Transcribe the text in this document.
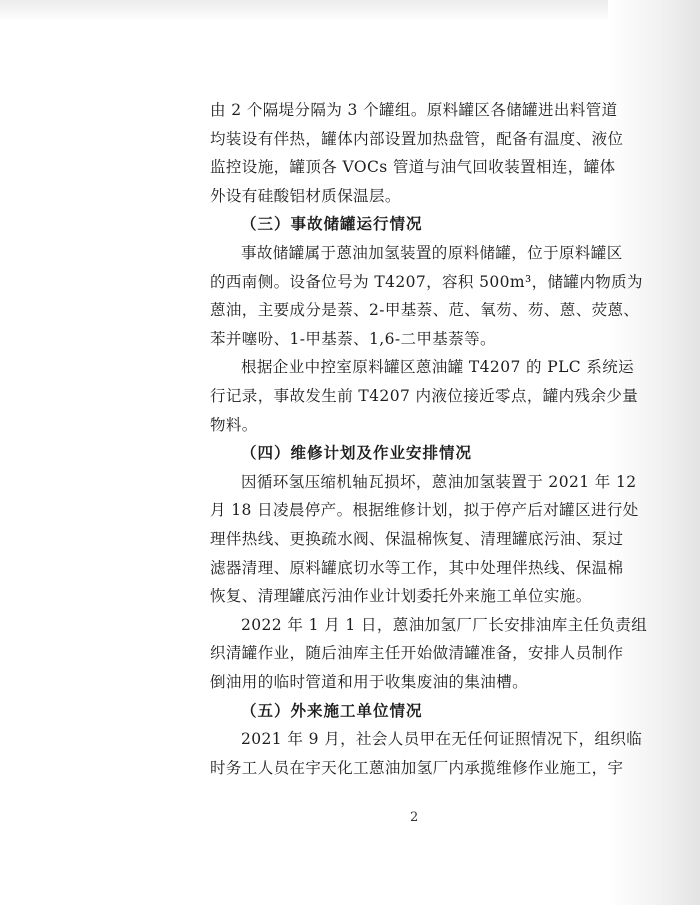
由 2 个隔堤分隔为 3 个罐组。原料罐区各储罐进出料管道
均装设有伴热，罐体内部设置加热盘管，配备有温度、液位
监控设施，罐顶各 VOCs 管道与油气回收装置相连，罐体
外设有硅酸铝材质保温层。
（三）事故储罐运行情况
事故储罐属于蒽油加氢装置的原料储罐，位于原料罐区
的西南侧。设备位号为 T4207，容积 500m³，储罐内物质为
蒽油，主要成分是萘、2-甲基萘、苊、氧芴、芴、蒽、荧蒽、
苯并噻吩、1-甲基萘、1,6-二甲基萘等。
根据企业中控室原料罐区蒽油罐 T4207 的 PLC 系统运
行记录，事故发生前 T4207 内液位接近零点，罐内残余少量
物料。
（四）维修计划及作业安排情况
因循环氢压缩机轴瓦损坏，蒽油加氢装置于 2021 年 12
月 18 日凌晨停产。根据维修计划，拟于停产后对罐区进行处
理伴热线、更换疏水阀、保温棉恢复、清理罐底污油、泵过
滤器清理、原料罐底切水等工作，其中处理伴热线、保温棉
恢复、清理罐底污油作业计划委托外来施工单位实施。
2022 年 1 月 1 日，蒽油加氢厂厂长安排油库主任负责组
织清罐作业，随后油库主任开始做清罐准备，安排人员制作
倒油用的临时管道和用于收集废油的集油槽。
（五）外来施工单位情况
2021 年 9 月，社会人员甲在无任何证照情况下，组织临
时务工人员在宇天化工蒽油加氢厂内承揽维修作业施工，宇
2
